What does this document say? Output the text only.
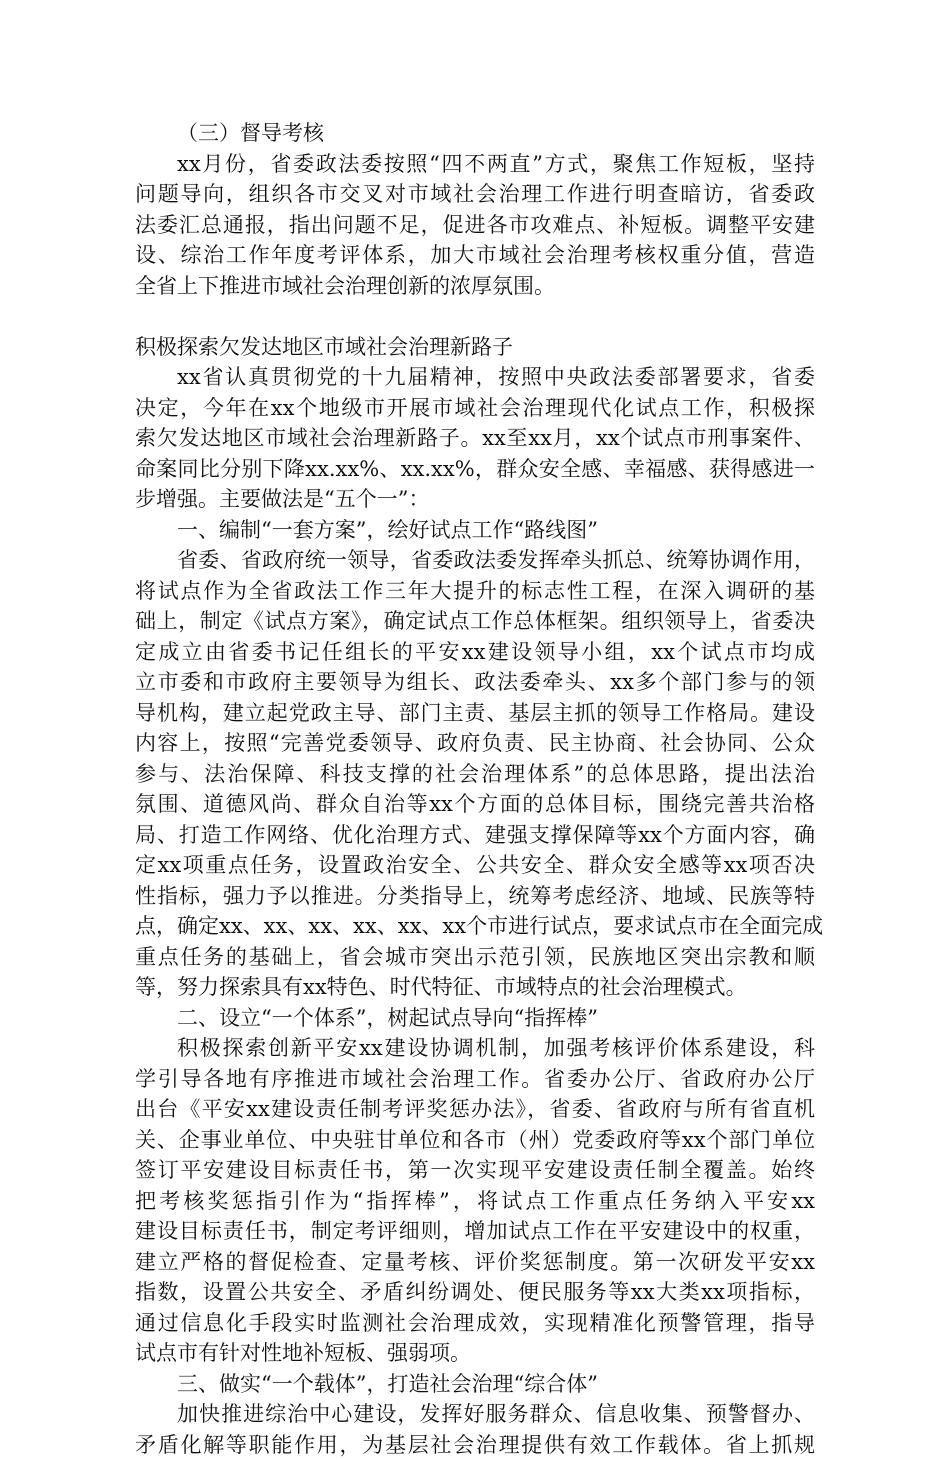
（三）督导考核
xx月份，省委政法委按照“四不两直”方式，聚焦工作短板，坚持
问题导向，组织各市交叉对市域社会治理工作进行明查暗访，省委政
法委汇总通报，指出问题不足，促进各市攻难点、补短板。调整平安建
设、综治工作年度考评体系，加大市域社会治理考核权重分值，营造
全省上下推进市域社会治理创新的浓厚氛围。
积极探索欠发达地区市域社会治理新路子
xx省认真贯彻党的十九届精神，按照中央政法委部署要求，省委
决定，今年在xx个地级市开展市域社会治理现代化试点工作，积极探
索欠发达地区市域社会治理新路子。xx至xx月，xx个试点市刑事案件、
命案同比分别下降xx.xx%、xx.xx%，群众安全感、幸福感、获得感进一
步增强。主要做法是“五个一”：
一、编制“一套方案”，绘好试点工作“路线图”
省委、省政府统一领导，省委政法委发挥牵头抓总、统筹协调作用，
将试点作为全省政法工作三年大提升的标志性工程，在深入调研的基
础上，制定《试点方案》，确定试点工作总体框架。组织领导上，省委决
定成立由省委书记任组长的平安xx建设领导小组，xx个试点市均成
立市委和市政府主要领导为组长、政法委牵头、xx多个部门参与的领
导机构，建立起党政主导、部门主责、基层主抓的领导工作格局。建设
内容上，按照“完善党委领导、政府负责、民主协商、社会协同、公众
参与、法治保障、科技支撑的社会治理体系”的总体思路，提出法治
氛围、道德风尚、群众自治等xx个方面的总体目标，围绕完善共治格
局、打造工作网络、优化治理方式、建强支撑保障等xx个方面内容，确
定xx项重点任务，设置政治安全、公共安全、群众安全感等xx项否决
性指标，强力予以推进。分类指导上，统筹考虑经济、地域、民族等特
点，确定xx、xx、xx、xx、xx、xx个市进行试点，要求试点市在全面完成
重点任务的基础上，省会城市突出示范引领，民族地区突出宗教和顺
等，努力探索具有xx特色、时代特征、市域特点的社会治理模式。
二、设立“一个体系”，树起试点导向“指挥棒”
积极探索创新平安xx建设协调机制，加强考核评价体系建设，科
学引导各地有序推进市域社会治理工作。省委办公厅、省政府办公厅
出台《平安xx建设责任制考评奖惩办法》，省委、省政府与所有省直机
关、企事业单位、中央驻甘单位和各市（州）党委政府等xx个部门单位
签订平安建设目标责任书，第一次实现平安建设责任制全覆盖。始终
把考核奖惩指引作为“指挥棒”，将试点工作重点任务纳入平安xx
建设目标责任书，制定考评细则，增加试点工作在平安建设中的权重，
建立严格的督促检查、定量考核、评价奖惩制度。第一次研发平安xx
指数，设置公共安全、矛盾纠纷调处、便民服务等xx大类xx项指标，
通过信息化手段实时监测社会治理成效，实现精准化预警管理，指导
试点市有针对性地补短板、强弱项。
三、做实“一个载体”，打造社会治理“综合体”
加快推进综治中心建设，发挥好服务群众、信息收集、预警督办、
矛盾化解等职能作用，为基层社会治理提供有效工作载体。省上抓规
